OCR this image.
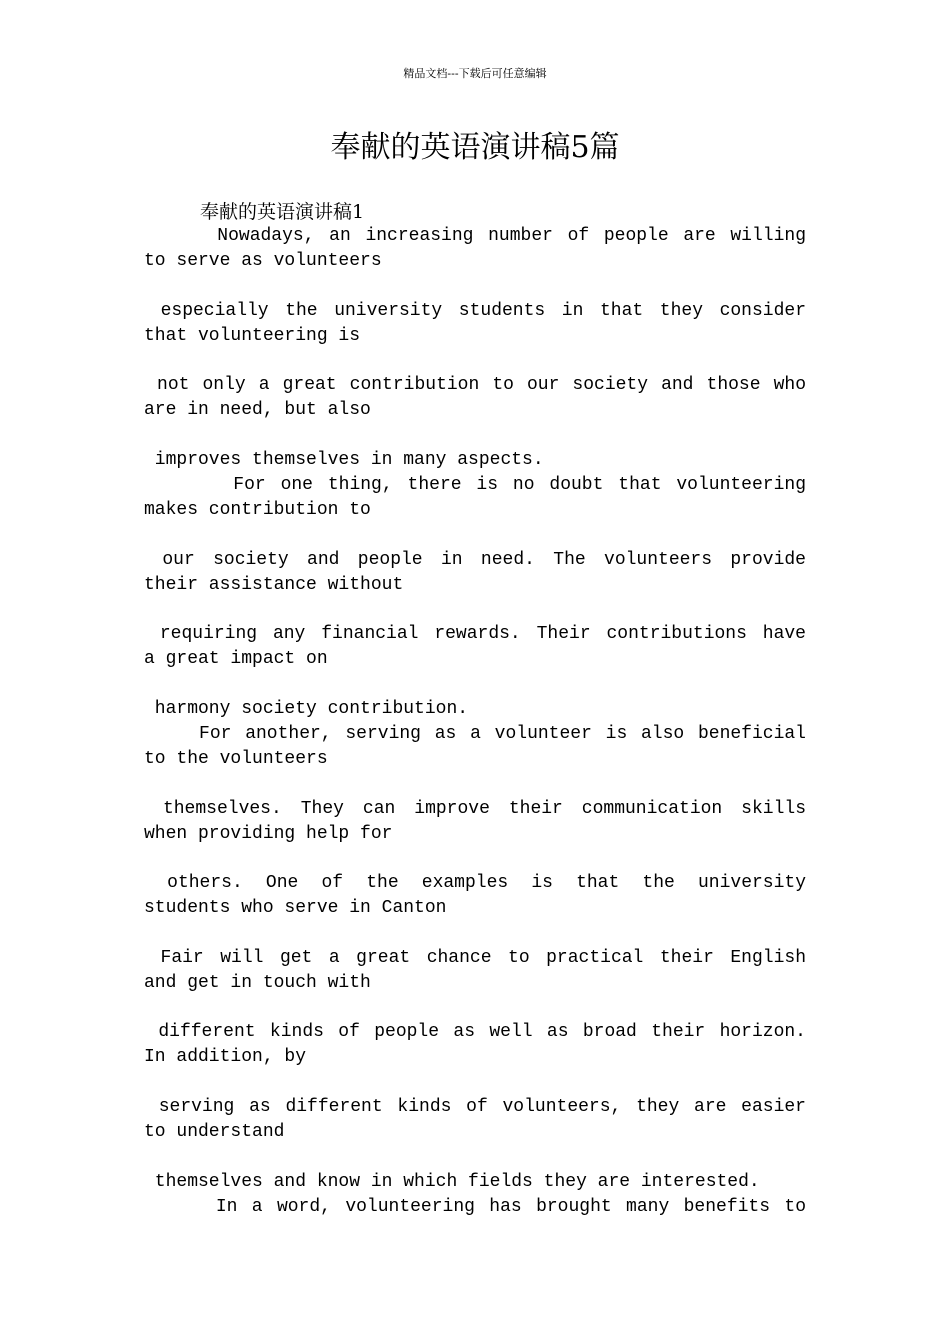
精品文档---下载后可任意编辑
奉献的英语演讲稿5篇
奉献的英语演讲稿1
Nowadays, an increasing number of people are willing
to serve as volunteers
especially the university students in that they consider
that volunteering is
not only a great contribution to our society and those who
are in need, but also
improves themselves in many aspects.
For one thing, there is no doubt that volunteering
makes contribution to
our society and people in need. The volunteers provide
their assistance without
requiring any financial rewards. Their contributions have
a great impact on
harmony society contribution.
For another, serving as a volunteer is also beneficial
to the volunteers
themselves. They can improve their communication skills
when providing help for
others. One of the examples is that the university
students who serve in Canton
Fair will get a great chance to practical their English
and get in touch with
different kinds of people as well as broad their horizon.
In addition, by
serving as different kinds of volunteers, they are easier
to understand
themselves and know in which fields they are interested.
In a word, volunteering has brought many benefits to
